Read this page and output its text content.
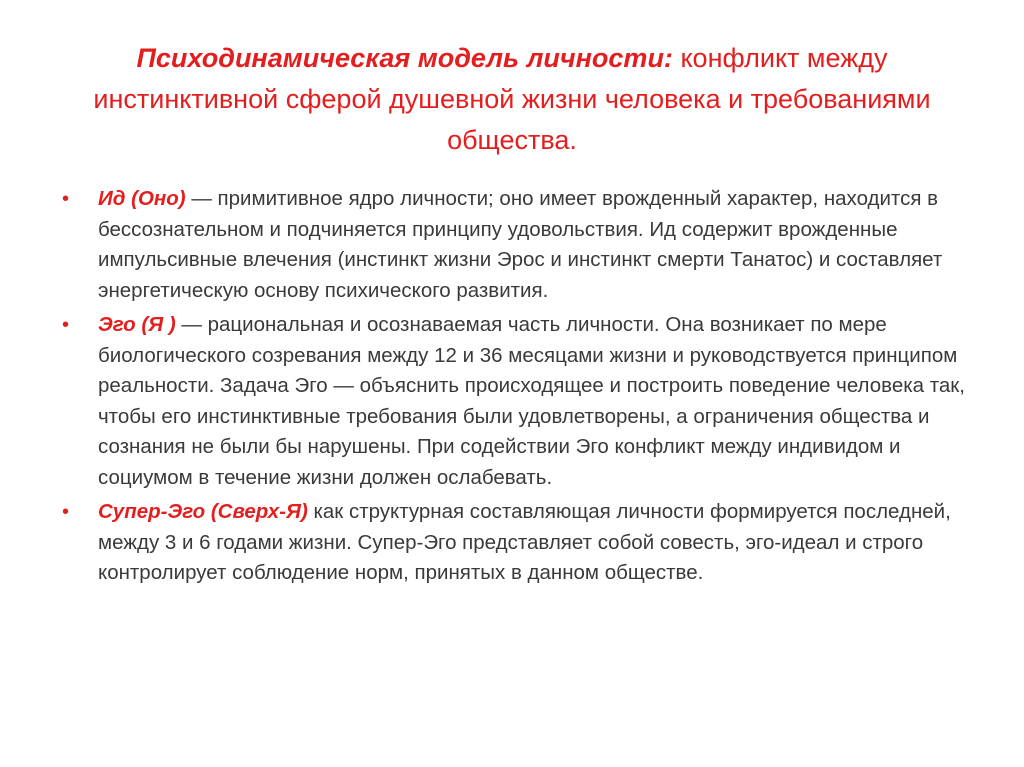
Психодинамическая модель личности: конфликт между инстинктивной сферой душевной жизни человека и требованиями общества.
• Ид (Оно) — примитивное ядро личности; оно имеет врожденный характер, находится в бессознательном и подчиняется принципу удовольствия. Ид содержит врожденные импульсивные влечения (инстинкт жизни Эрос и инстинкт смерти Танатос) и составляет энергетическую основу психического развития.
• Эго (Я ) — рациональная и осознаваемая часть личности. Она возникает по мере биологического созревания между 12 и 36 месяцами жизни и руководствуется принципом реальности. Задача Эго — объяснить происходящее и построить поведение человека так, чтобы его инстинктивные требования были удовлетворены, а ограничения общества и сознания не были бы нарушены. При содействии Эго конфликт между индивидом и социумом в течение жизни должен ослабевать.
• Супер-Эго (Сверх-Я) как структурная составляющая личности формируется последней, между 3 и 6 годами жизни. Супер-Эго представляет собой совесть, эго-идеал и строго контролирует соблюдение норм, принятых в данном обществе.
